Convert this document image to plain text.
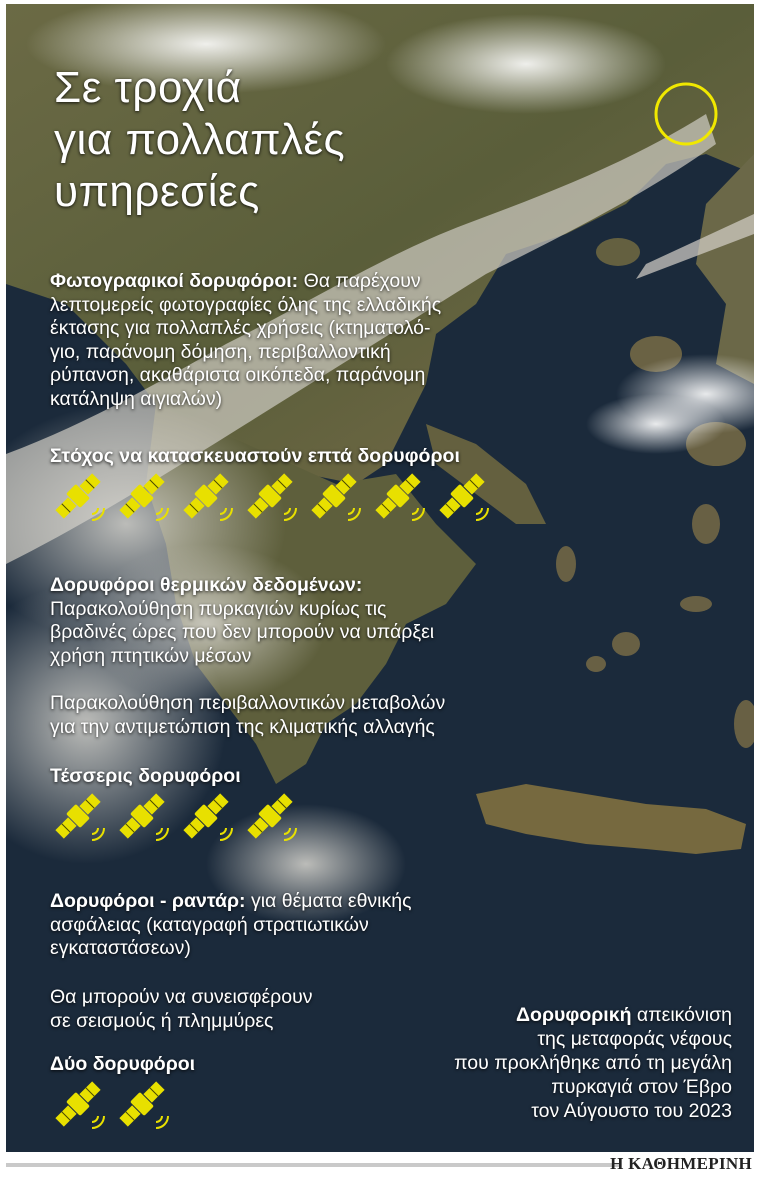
Σε τροχιά
για πολλαπλές
υπηρεσίες
Φωτογραφικοί δορυφόροι: Θα παρέχουν
λεπτομερείς φωτογραφίες όλης της ελλαδικής
έκτασης για πολλαπλές χρήσεις (κτηματολό-
γιο, παράνομη δόμηση, περιβαλλοντική
ρύπανση, ακαθάριστα οικόπεδα, παράνομη
κατάληψη αιγιαλών)
Στόχος να κατασκευαστούν επτά δορυφόροι
Δορυφόροι θερμικών δεδομένων:
Παρακολούθηση πυρκαγιών κυρίως τις
βραδινές ώρες που δεν μπορούν να υπάρξει
χρήση πτητικών μέσων
Παρακολούθηση περιβαλλοντικών μεταβολών
για την αντιμετώπιση της κλιματικής αλλαγής
Τέσσερις δορυφόροι
Δορυφόροι - ραντάρ: για θέματα εθνικής
ασφάλειας (καταγραφή στρατιωτικών
εγκαταστάσεων)
Θα μπορούν να συνεισφέρουν
σε σεισμούς ή πλημμύρες
Δύο δορυφόροι
Δορυφορική απεικόνιση
της μεταφοράς νέφους
που προκλήθηκε από τη μεγάλη
πυρκαγιά στον Έβρο
τον Αύγουστο του 2023
Η ΚΑΘΗΜΕΡΙΝΗ
